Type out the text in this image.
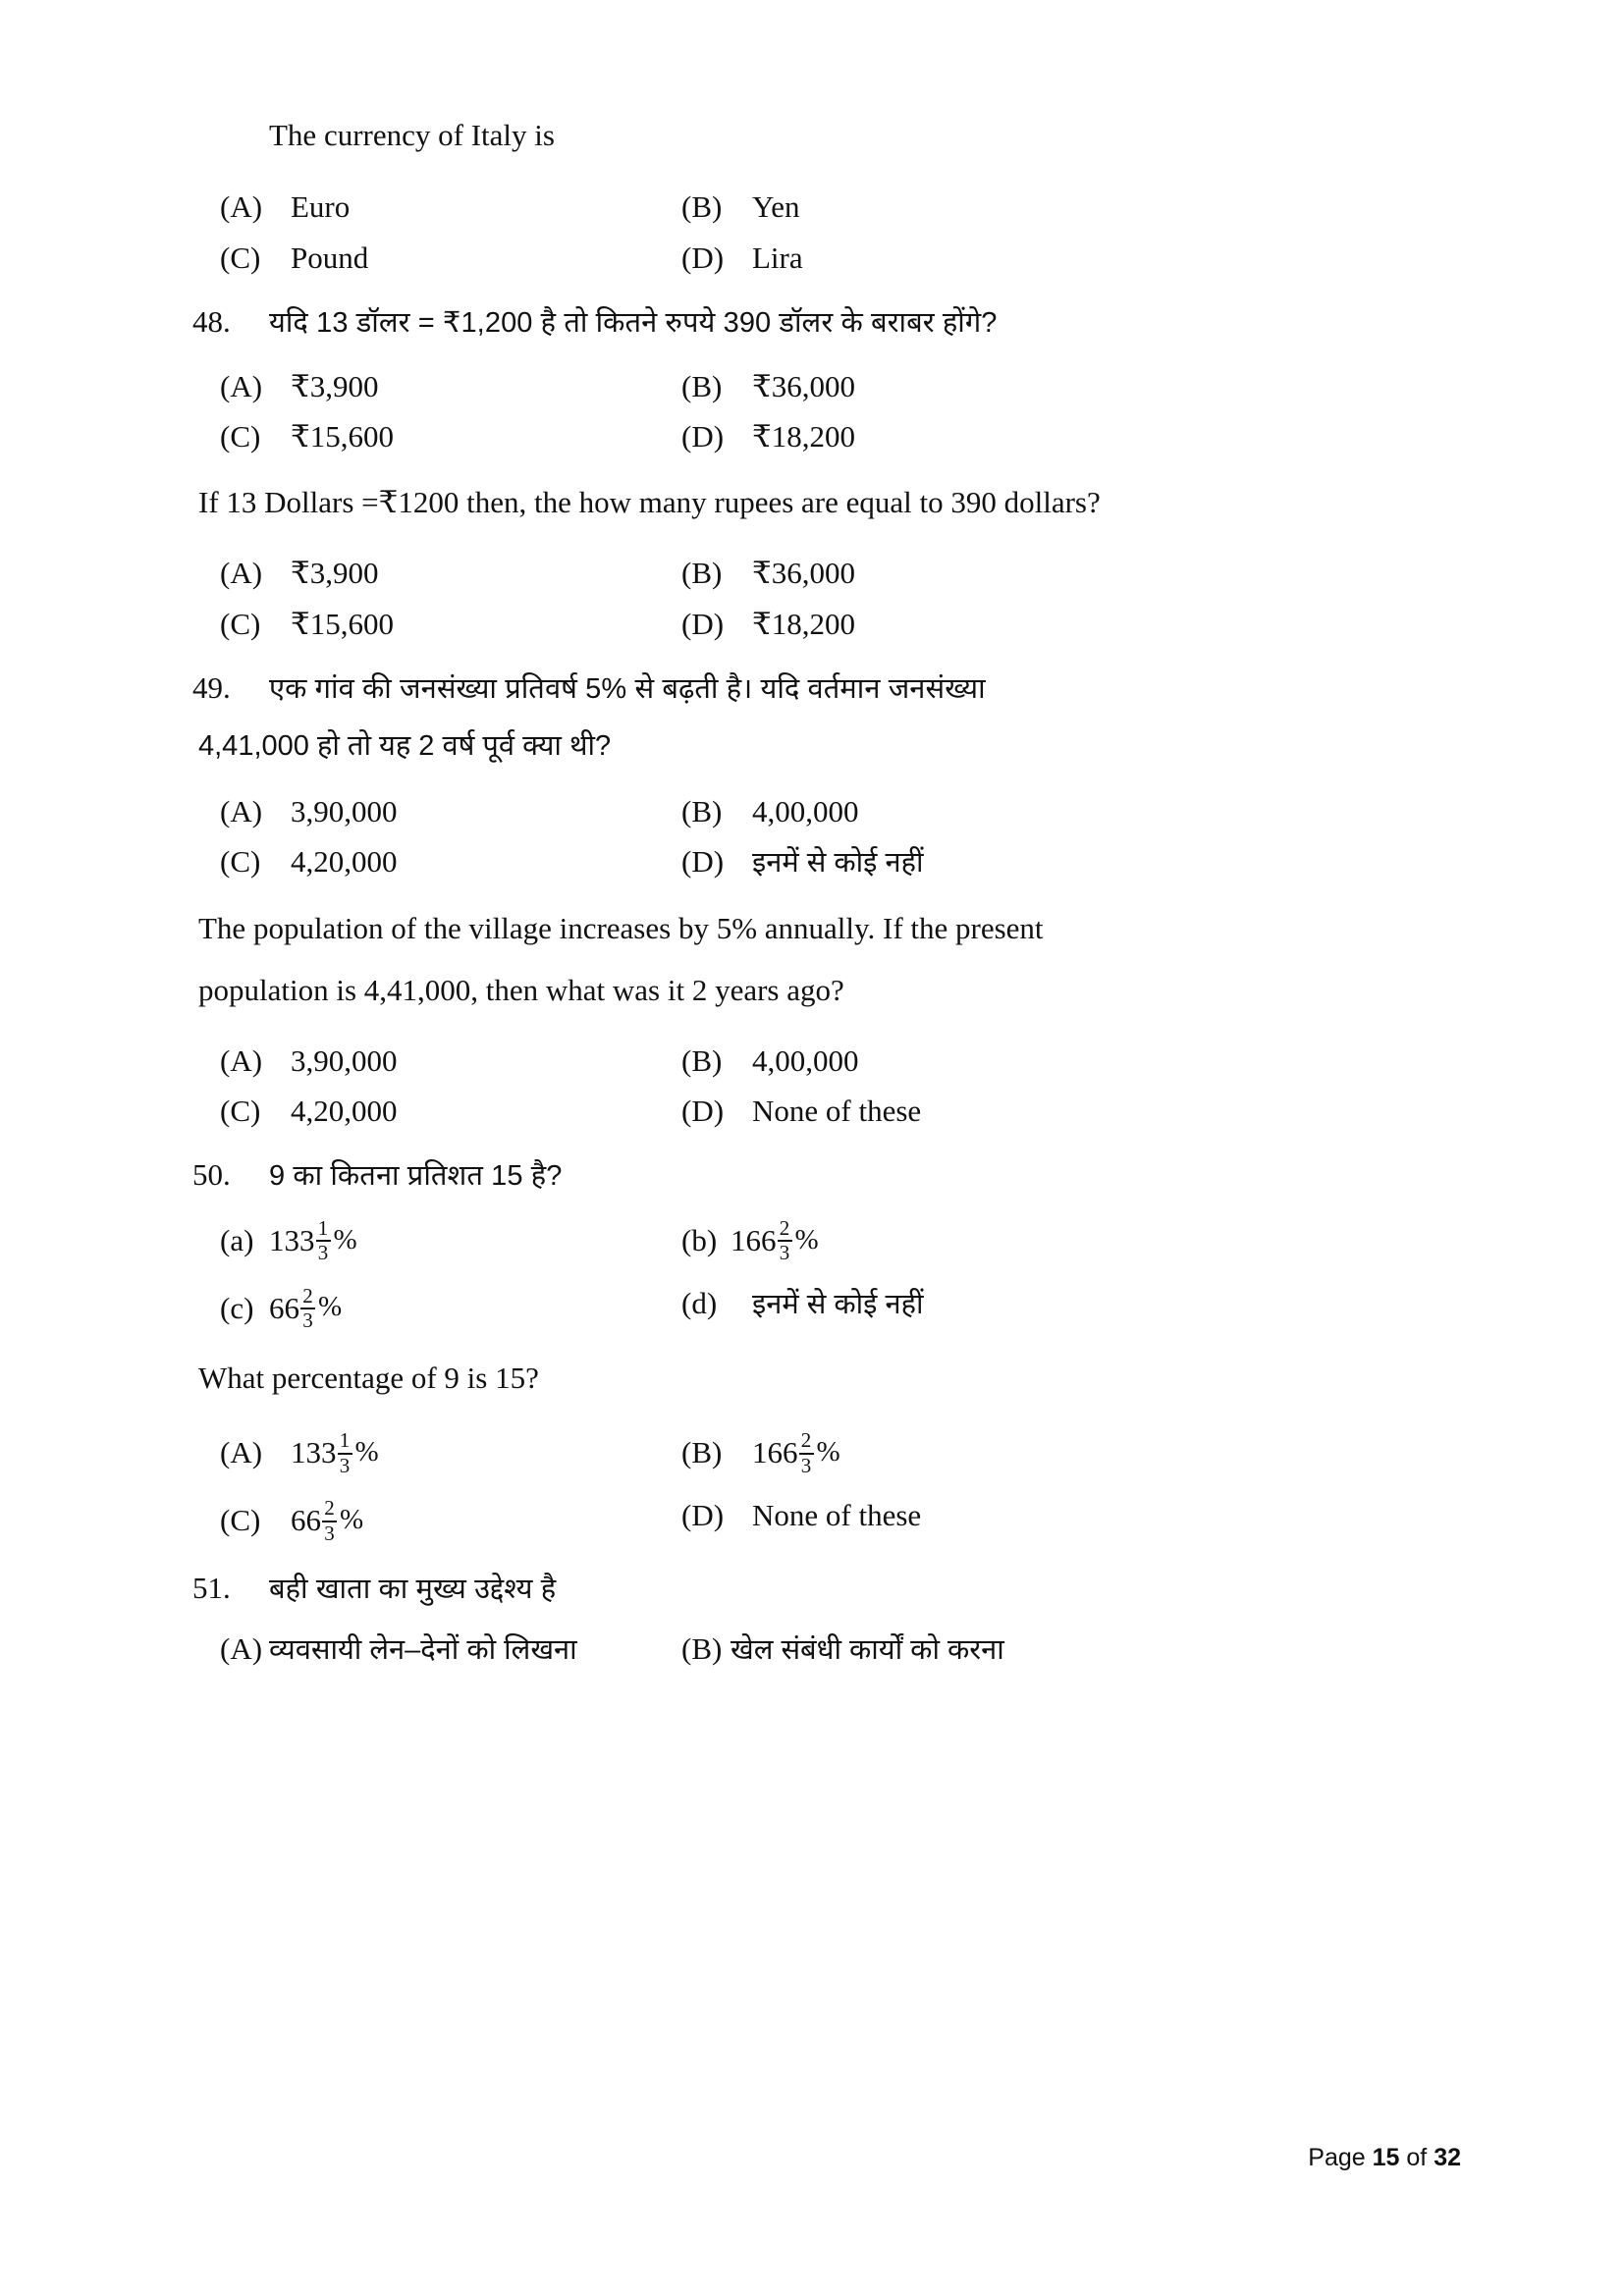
The currency of Italy is
(A) Euro	(B) Yen
(C) Pound	(D) Lira
48.	यदि 13 डॉलर = ₹1,200 है तो कितने रुपये 390 डॉलर के बराबर होंगे?
(A) ₹3,900	(B) ₹36,000
(C) ₹15,600	(D) ₹18,200
If 13 Dollars =₹1200 then, the how many rupees are equal to 390 dollars?
(A) ₹3,900	(B) ₹36,000
(C) ₹15,600	(D) ₹18,200
49.	एक गांव की जनसंख्या प्रतिवर्ष 5% से बढ़ती है। यदि वर्तमान जनसंख्या
4,41,000 हो तो यह 2 वर्ष पूर्व क्या थी?
(A) 3,90,000	(B) 4,00,000
(C) 4,20,000	(D) इनमें से कोई नहीं
The population of the village increases by 5% annually. If the present
population is 4,41,000, then what was it 2 years ago?
(A) 3,90,000	(B) 4,00,000
(C) 4,20,000	(D) None of these
50.	9 का कितना प्रतिशत 15 है?
(a) $133 \frac{1}{3}$ %	(b) $166 \frac{2}{3}$ %
(c) $66 \frac{2}{3}$ %	(d)	इनमें से कोई नहीं
What percentage of 9 is 15?
(A) $133 \frac{1}{3}$ %	(B) $166 \frac{2}{3}$ %
(C) $66 \frac{2}{3}$ %	(D) None of these
51.	बही खाता का मुख्य उद्देश्य है
(A) व्यवसायी लेन–देनों को लिखना	(B) खेल संबंधी कार्यों को करना
Page 15 of 32
